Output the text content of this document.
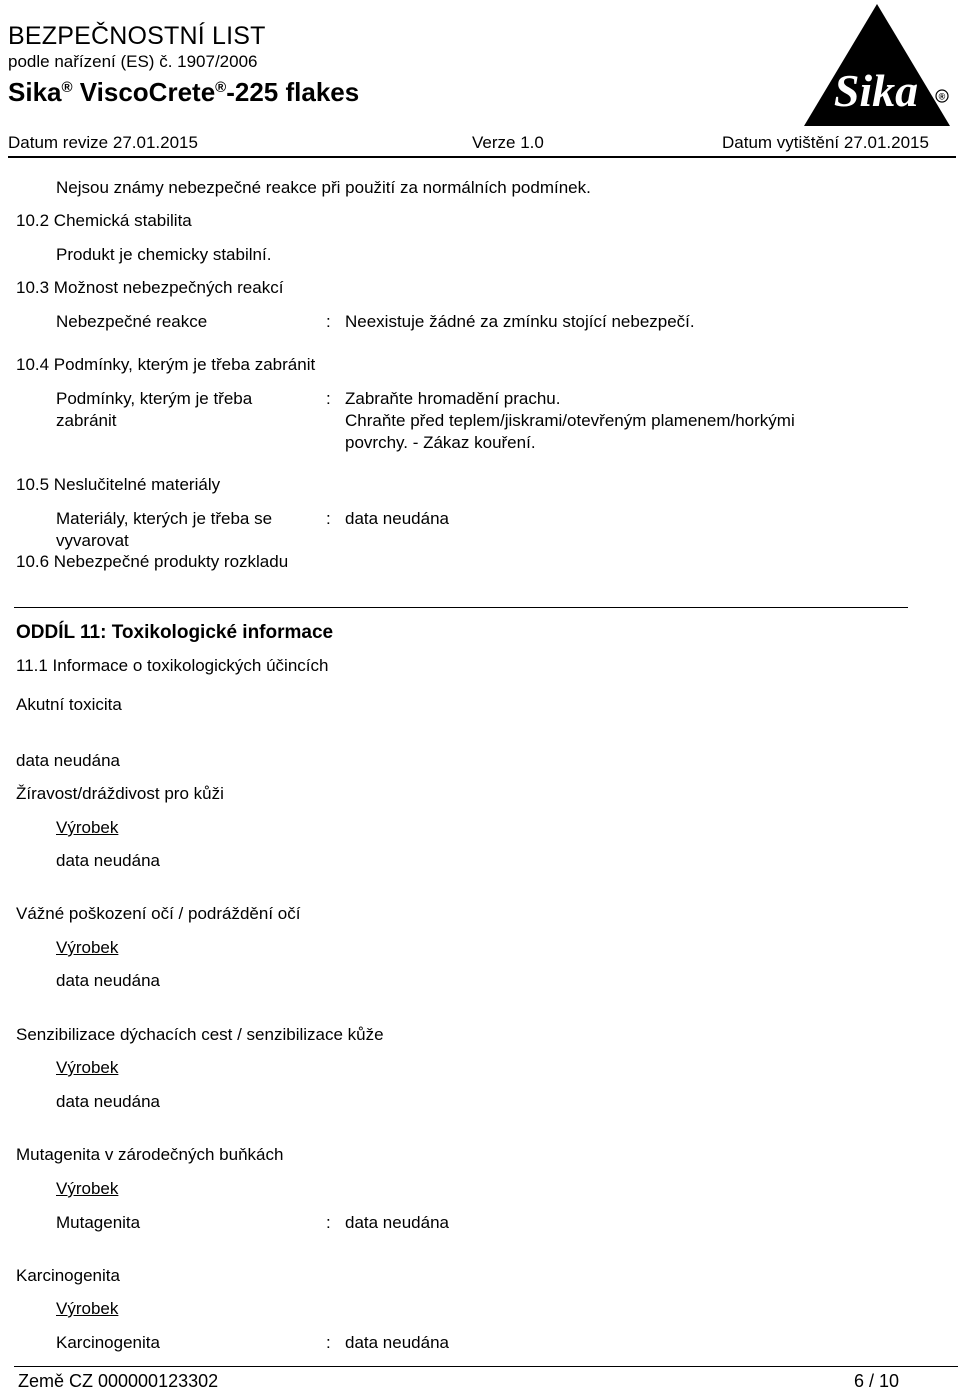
BEZPEČNOSTNÍ LIST
podle nařízení (ES) č. 1907/2006
Sika® ViscoCrete®-225 flakes
Datum revize 27.01.2015	Verze 1.0	Datum vytištění 27.01.2015
Sika ®
Nejsou známy nebezpečné reakce při použití za normálních podmínek.
10.2 Chemická stabilita
Produkt je chemicky stabilní.
10.3 Možnost nebezpečných reakcí
Nebezpečné reakce	: Neexistuje žádné za zmínku stojící nebezpečí.
10.4 Podmínky, kterým je třeba zabránit
Podmínky, kterým je třeba
zabránit
: Zabraňte hromadění prachu.
Chraňte před teplem/jiskrami/otevřeným plamenem/horkými
povrchy. - Zákaz kouření.
10.5 Neslučitelné materiály
Materiály, kterých je třeba se
vyvarovat
: data neudána
10.6 Nebezpečné produkty rozkladu
ODDÍL 11: Toxikologické informace
11.1 Informace o toxikologických účincích
Akutní toxicita
data neudána
Žíravost/dráždivost pro kůži
Výrobek
data neudána
Vážné poškození očí / podráždění očí
Výrobek
data neudána
Senzibilizace dýchacích cest / senzibilizace kůže
Výrobek
data neudána
Mutagenita v zárodečných buňkách
Výrobek
Mutagenita	: data neudána
Karcinogenita
Výrobek
Karcinogenita	: data neudána
Země CZ 000000123302	6 / 10
